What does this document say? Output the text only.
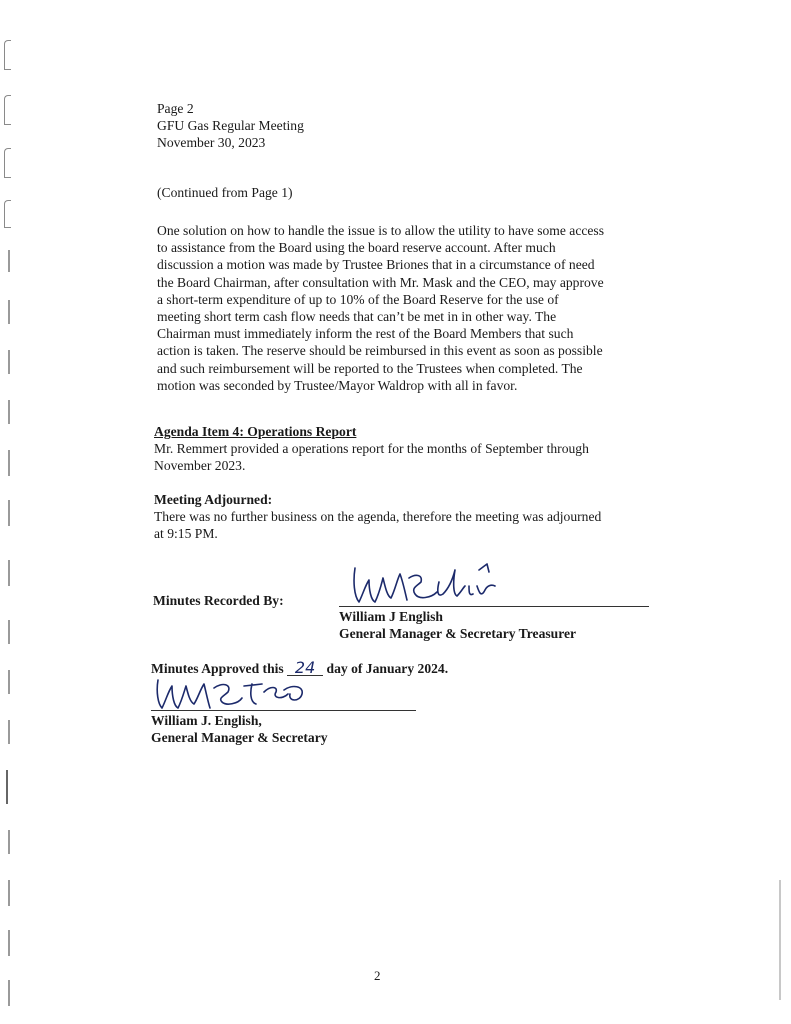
Page 2
GFU Gas Regular Meeting
November 30, 2023
(Continued from Page 1)

One solution on how to handle the issue is to allow the utility to have some access

to assistance from the Board using the board reserve account. After much

discussion a motion was made by Trustee Briones that in a circumstance of need

the Board Chairman, after consultation with Mr. Mask and the CEO, may approve

a short-term expenditure of up to 10% of the Board Reserve for the use of

meeting short term cash flow needs that can’t be met in in other way. The

Chairman must immediately inform the rest of the Board Members that such

action is taken. The reserve should be reimbursed in this event as soon as possible

and such reimbursement will be reported to the Trustees when completed. The

motion was seconded by Trustee/Mayor Waldrop with all in favor.

Agenda Item 4: Operations Report
Mr. Remmert provided a operations report for the months of September through
November 2023.
Meeting Adjourned:
There was no further business on the agenda, therefore the meeting was adjourned
at 9:15 PM.
Minutes Recorded By:
William J English
General Manager & Secretary Treasurer
Minutes Approved this 24 day of January 2024.
William J. English,
General Manager & Secretary
2
